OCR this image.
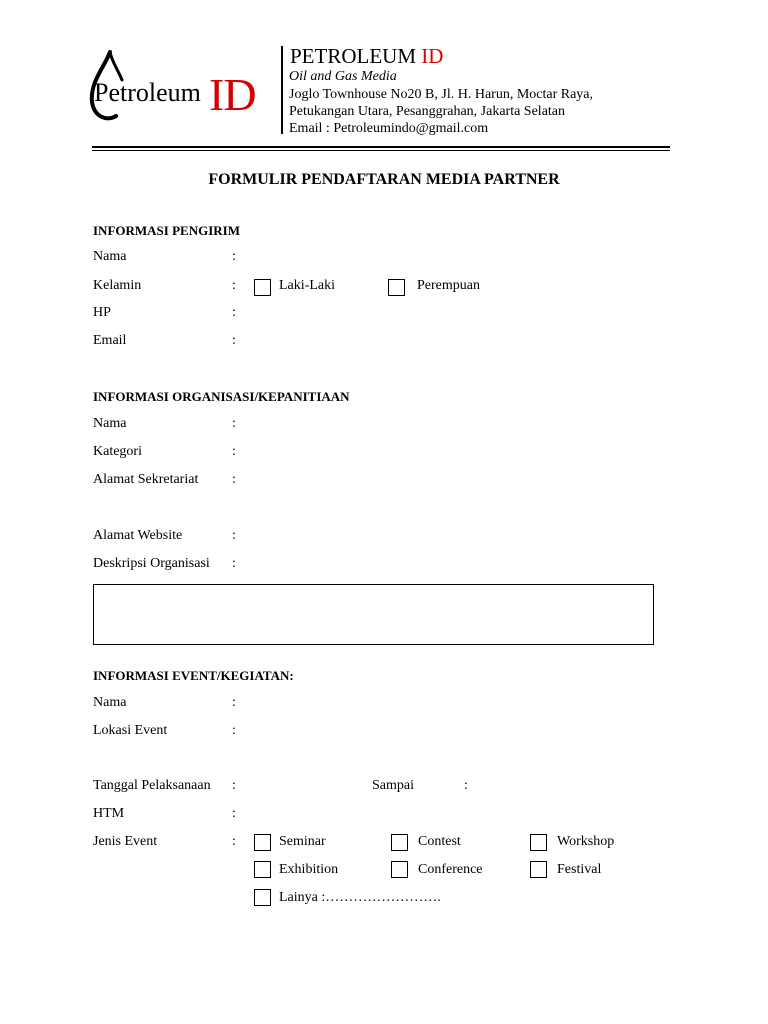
Petroleum ID
PETROLEUM ID
Oil and Gas Media
Joglo Townhouse No20 B, Jl. H. Harun, Moctar Raya,
Petukangan Utara, Pesanggrahan, Jakarta Selatan
Email : Petroleumindo@gmail.com
FORMULIR PENDAFTARAN MEDIA PARTNER
INFORMASI PENGIRIM
Nama	:
Kelamin	:	Laki-Laki	Perempuan
HP	:
Email	:
INFORMASI ORGANISASI/KEPANITIAAN
Nama	:
Kategori	:
Alamat Sekretariat :
Alamat Website	:
Deskripsi Organisasi :
INFORMASI EVENT/KEGIATAN:
Nama	:
Lokasi Event	:
Tanggal Pelaksanaan :	Sampai	:
HTM	:
Jenis Event	:	Seminar	Contest	Workshop
Exhibition	Conference	Festival
Lainya :…………………….
